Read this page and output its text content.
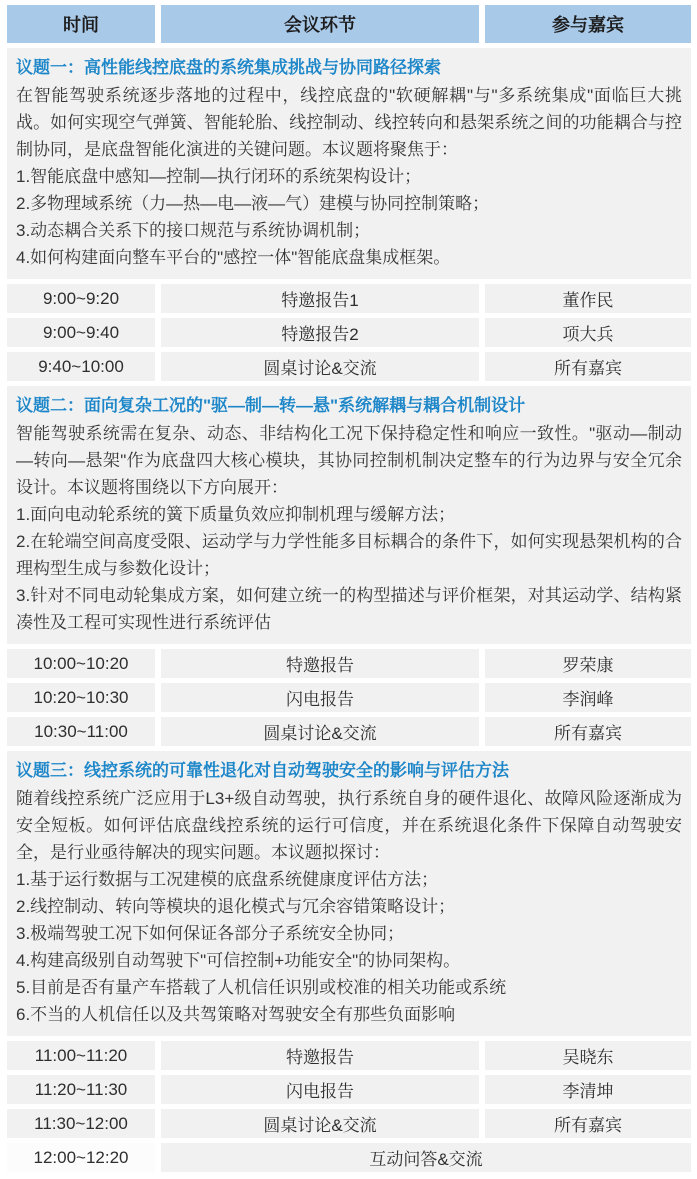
时间	会议环节	参与嘉宾
议题一：高性能线控底盘的系统集成挑战与协同路径探索
在智能驾驶系统逐步落地的过程中，线控底盘的"软硬解耦"与"多系统集成"面临巨大挑战。如何实现空气弹簧、智能轮胎、线控制动、线控转向和悬架系统之间的功能耦合与控制协同，是底盘智能化演进的关键问题。本议题将聚焦于：
1.智能底盘中感知—控制—执行闭环的系统架构设计；
2.多物理域系统（力—热—电—液—气）建模与协同控制策略；
3.动态耦合关系下的接口规范与系统协调机制；
4.如何构建面向整车平台的"感控一体"智能底盘集成框架。
9:00~9:20	特邀报告1	董作民
9:00~9:40	特邀报告2	项大兵
9:40~10:00	圆桌讨论&交流	所有嘉宾
议题二：面向复杂工况的"驱—制—转—悬"系统解耦与耦合机制设计
智能驾驶系统需在复杂、动态、非结构化工况下保持稳定性和响应一致性。"驱动—制动—转向—悬架"作为底盘四大核心模块，其协同控制机制决定整车的行为边界与安全冗余设计。本议题将围绕以下方向展开：
1.面向电动轮系统的簧下质量负效应抑制机理与缓解方法；
2.在轮端空间高度受限、运动学与力学性能多目标耦合的条件下，如何实现悬架机构的合理构型生成与参数化设计；
3.针对不同电动轮集成方案，如何建立统一的构型描述与评价框架，对其运动学、结构紧凑性及工程可实现性进行系统评估
10:00~10:20	特邀报告	罗荣康
10:20~10:30	闪电报告	李润峰
10:30~11:00	圆桌讨论&交流	所有嘉宾
议题三：线控系统的可靠性退化对自动驾驶安全的影响与评估方法
随着线控系统广泛应用于L3+级自动驾驶，执行系统自身的硬件退化、故障风险逐渐成为安全短板。如何评估底盘线控系统的运行可信度，并在系统退化条件下保障自动驾驶安全，是行业亟待解决的现实问题。本议题拟探讨：
1.基于运行数据与工况建模的底盘系统健康度评估方法；
2.线控制动、转向等模块的退化模式与冗余容错策略设计；
3.极端驾驶工况下如何保证各部分子系统安全协同；
4.构建高级别自动驾驶下"可信控制+功能安全"的协同架构。
5.目前是否有量产车搭载了人机信任识别或校准的相关功能或系统
6.不当的人机信任以及共驾策略对驾驶安全有那些负面影响
11:00~11:20	特邀报告	吴晓东
11:20~11:30	闪电报告	李清坤
11:30~12:00	圆桌讨论&交流	所有嘉宾
12:00~12:20	互动问答&交流
